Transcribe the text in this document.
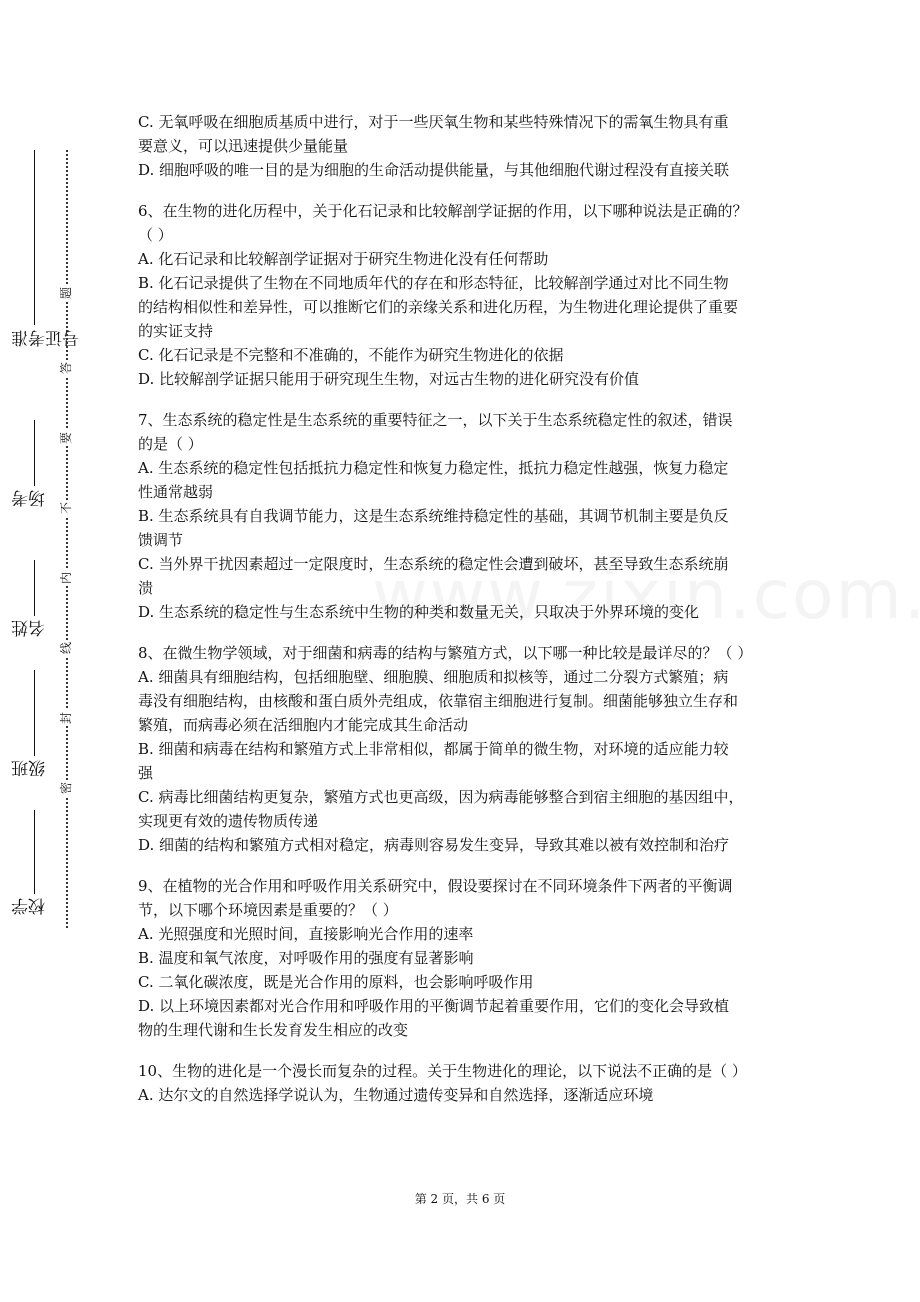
准考证号
考场
姓名
班级
学校
题
答
要
不
内
线
封
密

C. 无氧呼吸在细胞质基质中进行，对于一些厌氧生物和某些特殊情况下的需氧生物具有重

要意义，可以迅速提供少量能量

D. 细胞呼吸的唯一目的是为细胞的生命活动提供能量，与其他细胞代谢过程没有直接关联

6、在生物的进化历程中，关于化石记录和比较解剖学证据的作用，以下哪种说法是正确的？

（ ）

A. 化石记录和比较解剖学证据对于研究生物进化没有任何帮助

B. 化石记录提供了生物在不同地质年代的存在和形态特征，比较解剖学通过对比不同生物

的结构相似性和差异性，可以推断它们的亲缘关系和进化历程，为生物进化理论提供了重要

的实证支持

C. 化石记录是不完整和不准确的，不能作为研究生物进化的依据

D. 比较解剖学证据只能用于研究现生生物，对远古生物的进化研究没有价值

7、生态系统的稳定性是生态系统的重要特征之一，以下关于生态系统稳定性的叙述，错误

的是（ ）

A. 生态系统的稳定性包括抵抗力稳定性和恢复力稳定性，抵抗力稳定性越强，恢复力稳定

性通常越弱

B. 生态系统具有自我调节能力，这是生态系统维持稳定性的基础，其调节机制主要是负反

馈调节

C. 当外界干扰因素超过一定限度时，生态系统的稳定性会遭到破坏，甚至导致生态系统崩

溃

D. 生态系统的稳定性与生态系统中生物的种类和数量无关，只取决于外界环境的变化

8、在微生物学领域，对于细菌和病毒的结构与繁殖方式，以下哪一种比较是最详尽的？（ ）

A. 细菌具有细胞结构，包括细胞壁、细胞膜、细胞质和拟核等，通过二分裂方式繁殖；病

毒没有细胞结构，由核酸和蛋白质外壳组成，依靠宿主细胞进行复制。细菌能够独立生存和

繁殖，而病毒必须在活细胞内才能完成其生命活动

B. 细菌和病毒在结构和繁殖方式上非常相似，都属于简单的微生物，对环境的适应能力较

强

C. 病毒比细菌结构更复杂，繁殖方式也更高级，因为病毒能够整合到宿主细胞的基因组中，

实现更有效的遗传物质传递

D. 细菌的结构和繁殖方式相对稳定，病毒则容易发生变异，导致其难以被有效控制和治疗

9、在植物的光合作用和呼吸作用关系研究中，假设要探讨在不同环境条件下两者的平衡调

节，以下哪个环境因素是重要的？（ ）

A. 光照强度和光照时间，直接影响光合作用的速率

B. 温度和氧气浓度，对呼吸作用的强度有显著影响

C. 二氧化碳浓度，既是光合作用的原料，也会影响呼吸作用

D. 以上环境因素都对光合作用和呼吸作用的平衡调节起着重要作用，它们的变化会导致植

物的生理代谢和生长发育发生相应的改变

10、生物的进化是一个漫长而复杂的过程。关于生物进化的理论，以下说法不正确的是（ ）

A. 达尔文的自然选择学说认为，生物通过遗传变异和自然选择，逐渐适应环境

第 2 页，共 6 页
